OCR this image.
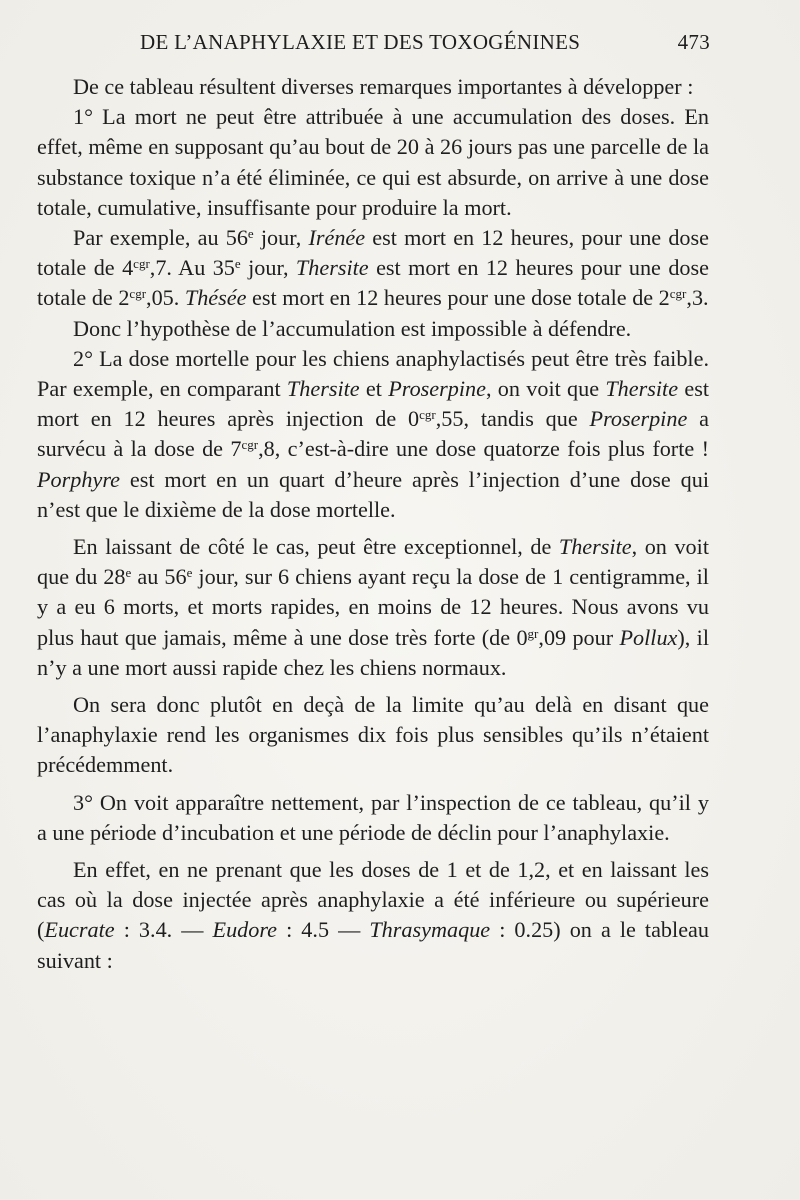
DE L’ANAPHYLAXIE ET DES TOXOGÉNINES	473

De ce tableau résultent diverses remarques importantes à développer :

1° La mort ne peut être attribuée à une accumulation des doses. En effet, même en supposant qu’au bout de 20 à 26 jours pas une parcelle de la substance toxique n’a été éliminée, ce qui est absurde, on arrive à une dose totale, cumulative, insuffisante pour produire la mort.

Par exemple, au 56e jour, Irénée est mort en 12 heures, pour une dose totale de $4^{cgr},7$. Au 35e jour, Thersite est mort en 12 heures pour une dose totale de $2^{cgr},05$. Thésée est mort en 12 heures pour une dose totale de $2^{cgr},3$.

Donc l’hypothèse de l’accumulation est impossible à défendre.

2° La dose mortelle pour les chiens anaphylactisés peut être très faible. Par exemple, en comparant Thersite et Proserpine, on voit que Thersite est mort en 12 heures après injection de $0^{cgr},55$, tandis que Proserpine a survécu à la dose de $7^{cgr},8$, c’est-à-dire une dose quatorze fois plus forte ! Porphyre est mort en un quart d’heure après l’injection d’une dose qui n’est que le dixième de la dose mortelle.

En laissant de côté le cas, peut être exceptionnel, de Thersite, on voit que du 28e au 56e jour, sur 6 chiens ayant reçu la dose de 1 centigramme, il y a eu 6 morts, et morts rapides, en moins de 12 heures. Nous avons vu plus haut que jamais, même à une dose très forte (de $0^{gr},09$ pour Pollux), il n’y a une mort aussi rapide chez les chiens normaux.

On sera donc plutôt en deçà de la limite qu’au delà en disant que l’anaphylaxie rend les organismes dix fois plus sensibles qu’ils n’étaient précédemment.

3° On voit apparaître nettement, par l’inspection de ce tableau, qu’il y a une période d’incubation et une période de déclin pour l’anaphylaxie.

En effet, en ne prenant que les doses de 1 et de 1,2, et en laissant les cas où la dose injectée après anaphylaxie a été inférieure ou supérieure (Eucrate : 3.4. — Eudore : 4.5 — Thrasymaque : 0.25) on a le tableau suivant :
